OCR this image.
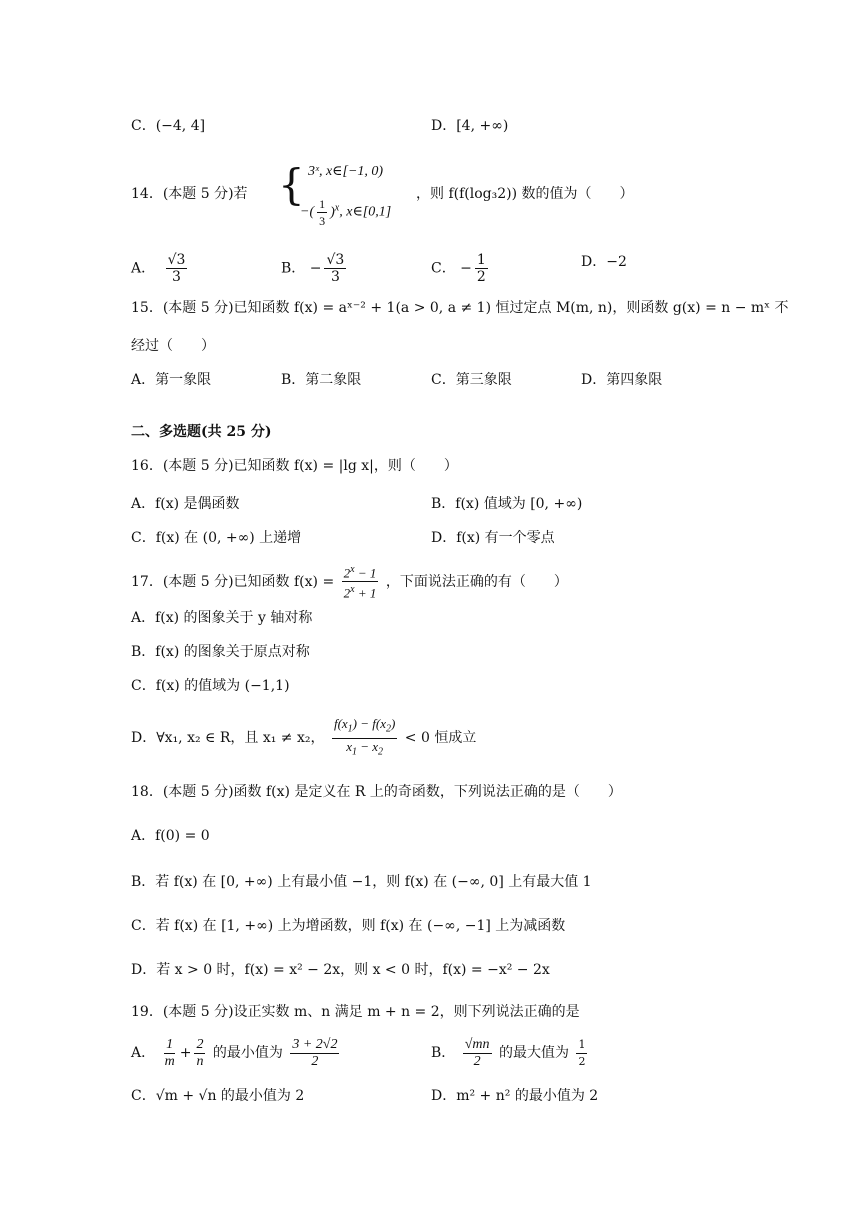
C．(−4, 4]	D．[4, +∞)
14．(本题 5 分)若 { 3ˣ, x∈[−1, 0)
−( $\frac{1}{3} )^x$, x∈[0,1]
，则 f(f(log₃2)) 数的值为（　　）
A． $\frac{√3}{3}$	B． − $\frac{√3}{3}$	C． − $\frac{1}{2}$	D．−2
15．(本题 5 分)已知函数 f(x) = aˣ⁻² + 1(a > 0, a ≠ 1) 恒过定点 M(m, n)，则函数 g(x) = n − mˣ 不
经过（　　）
A．第一象限	B．第二象限	C．第三象限	D．第四象限
二、多选题(共 25 分)
16．(本题 5 分)已知函数 f(x) = |lg x|，则（　　）
A．f(x) 是偶函数	B．f(x) 值域为 [0, +∞)
C．f(x) 在 (0, +∞) 上递增	D．f(x) 有一个零点
17．(本题 5 分)已知函数 $f(x) = \frac{2^x - 1}{2^x + 1}$ ，下面说法正确的有（　　）
A．f(x) 的图象关于 y 轴对称
B．f(x) 的图象关于原点对称
C．f(x) 的值域为 (−1,1)
D．∀x₁, x₂ ∈ R，且 x₁ ≠ x₂， $\frac{f(x_1) - f(x_2)}{x_1 - x_2} < 0$ 恒成立
18．(本题 5 分)函数 f(x) 是定义在 R 上的奇函数，下列说法正确的是（　　）
A．f(0) = 0
B．若 f(x) 在 [0, +∞) 上有最小值 −1，则 f(x) 在 (−∞, 0] 上有最大值 1
C．若 f(x) 在 [1, +∞) 上为增函数，则 f(x) 在 (−∞, −1] 上为减函数
D．若 x > 0 时，f(x) = x² − 2x，则 x < 0 时，f(x) = −x² − 2x
19．(本题 5 分)设正实数 m、n 满足 m + n = 2，则下列说法正确的是
A． $\frac{1}{m} + \frac{2}{n}$ 的最小值为 $\frac{3 + 2√2}{2}$	B． $\frac{√mn}{2}$ 的最大值为 $\frac{1}{2}$
C．√m + √n 的最小值为 2	D．m² + n² 的最小值为 2
